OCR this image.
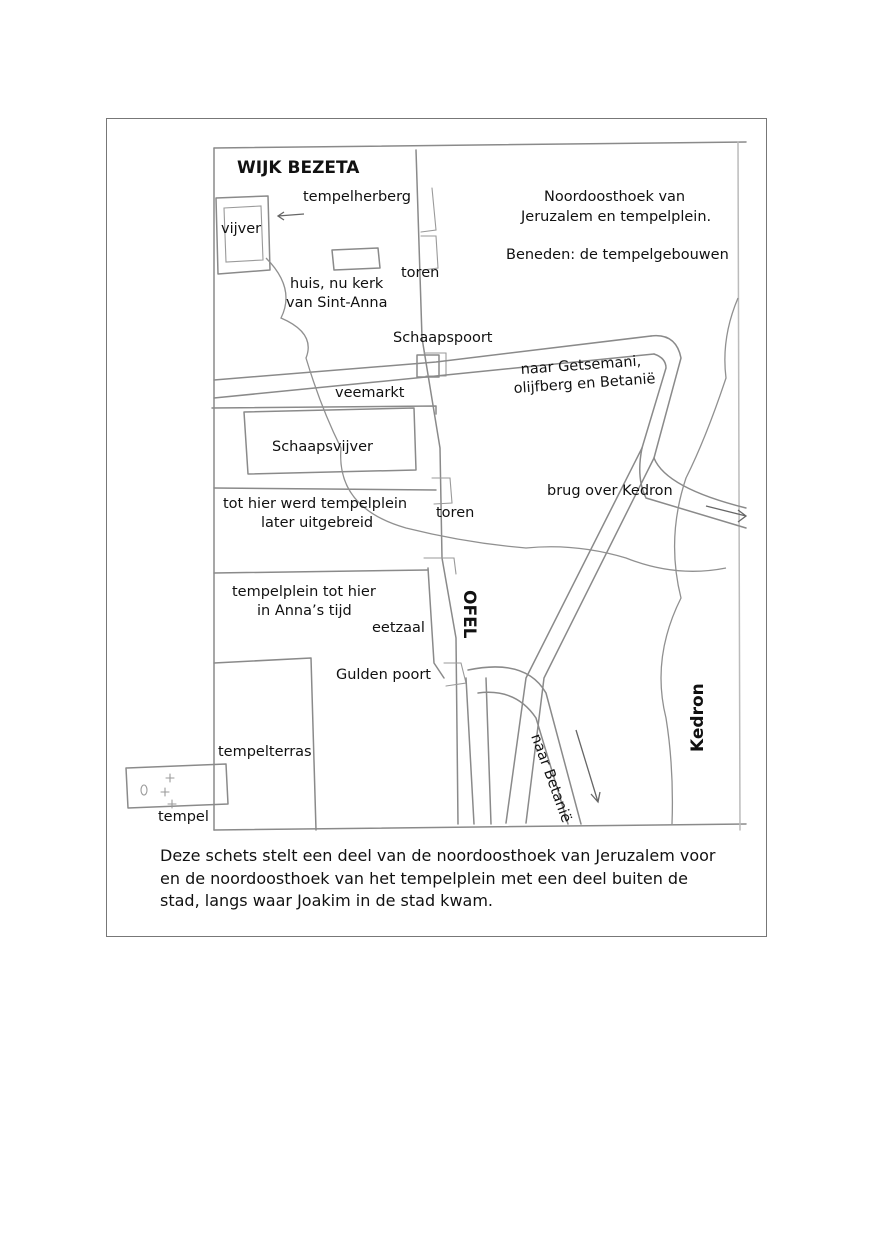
WIJK BEZETA
tempelherberg
vijver
huis, nu kerk
van Sint-Anna
toren
Noordoosthoek van
Jeruzalem en tempelplein.
Beneden: de tempelgebouwen
Schaapspoort
naar Getsemani,
olijfberg en Betanië
veemarkt
Schaapsvijver
brug over Kedron
tot hier werd tempelplein
later uitgebreid
toren
tempelplein tot hier
in Anna’s tijd	OFEL
eetzaal
Gulden poort
tempelterras	naar Betanië
Kedron
tempel

Deze schets stelt een deel van de noordoosthoek van Jeruzalem voor en de noordoosthoek van het tempelplein met een deel buiten de stad, langs waar Joakim in de stad kwam.
